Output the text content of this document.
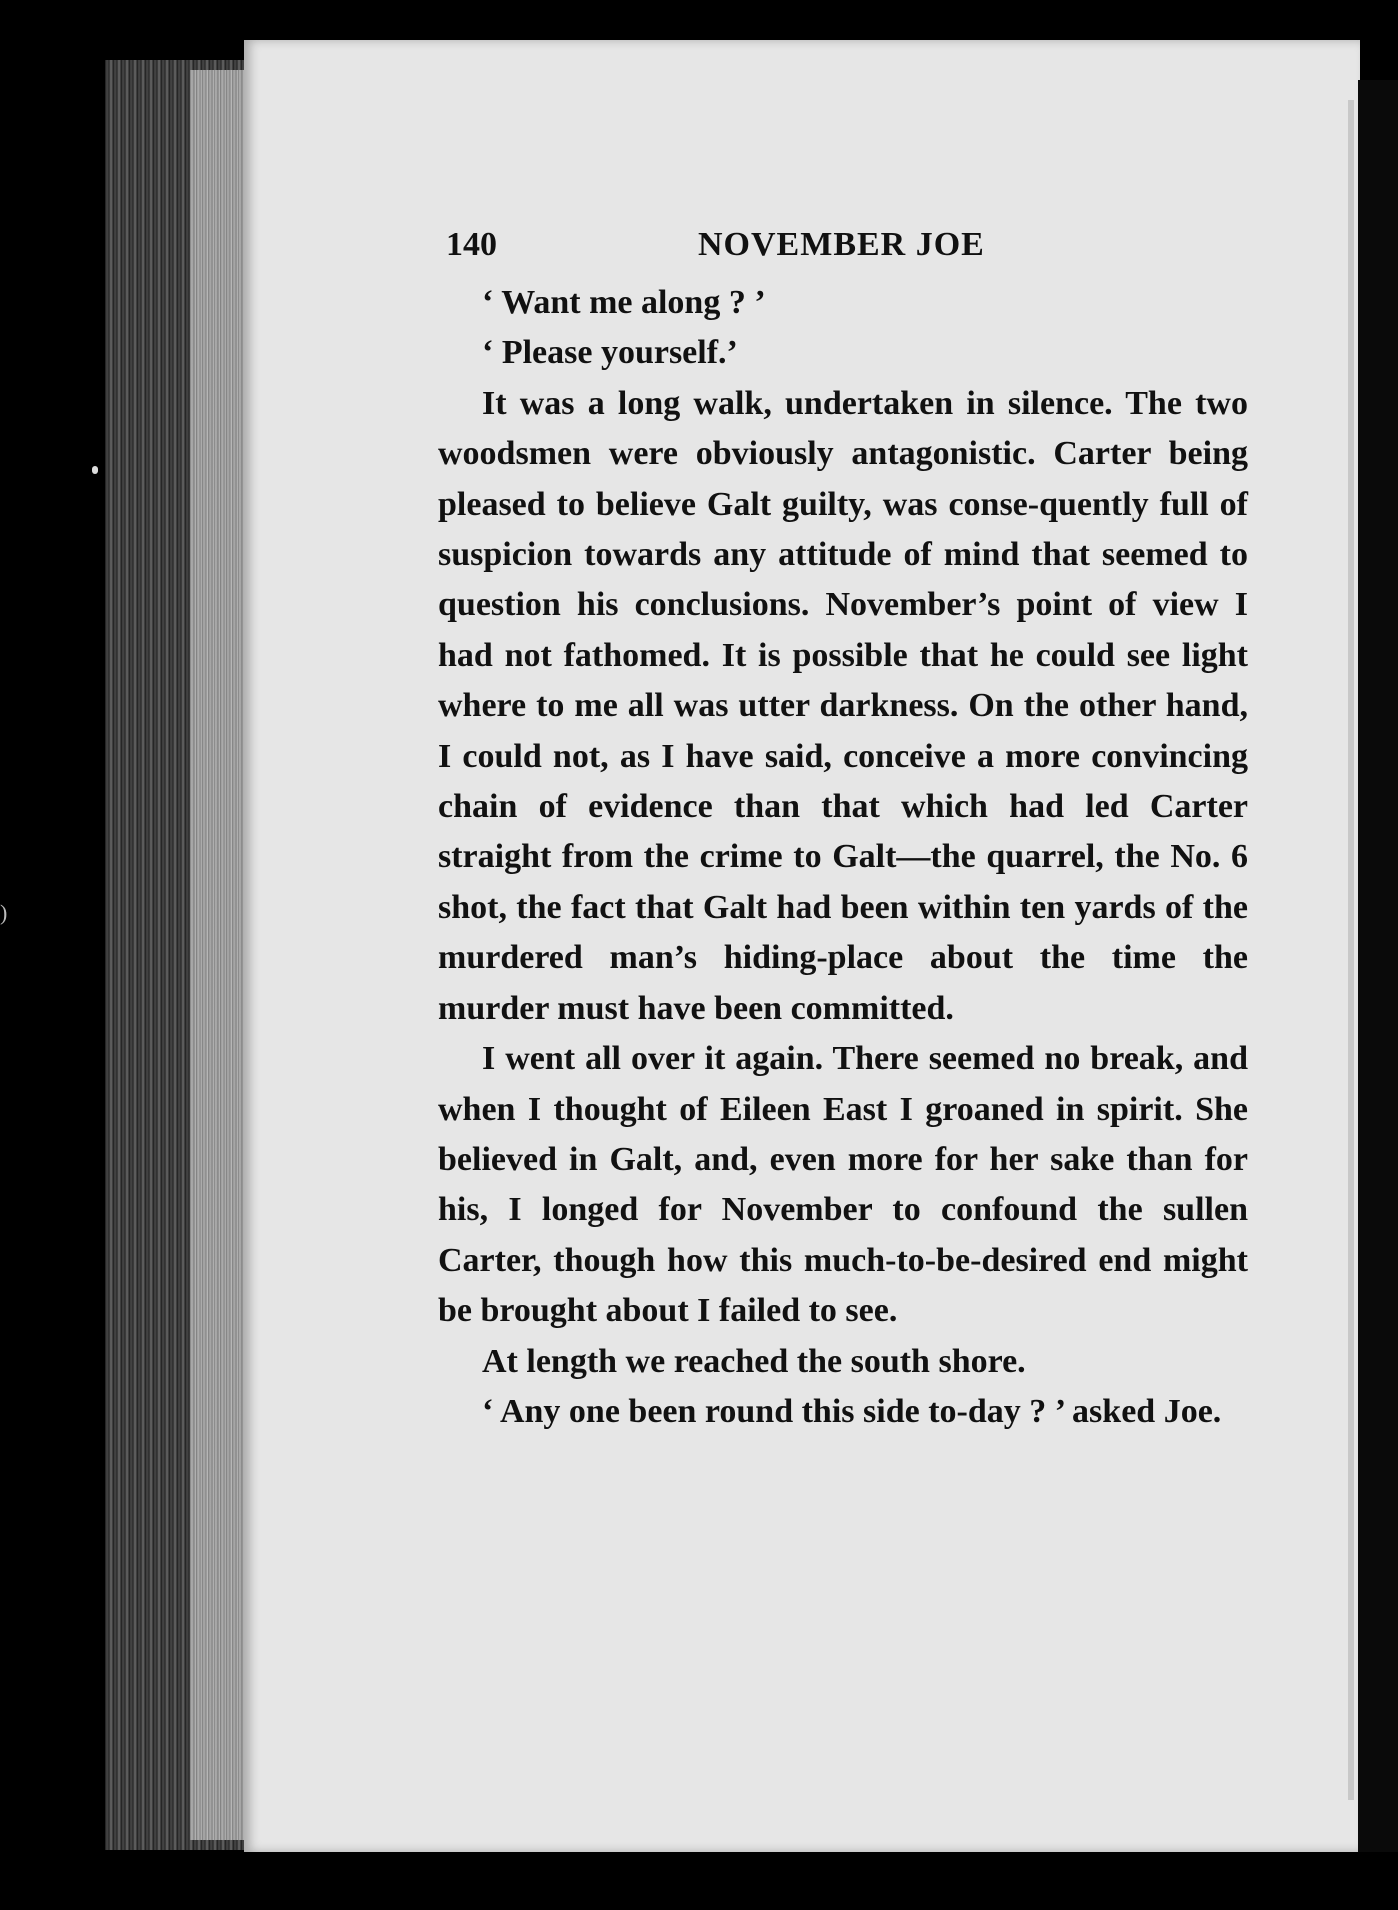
)
140	NOVEMBER JOE

‘ Want me along ? ’

‘ Please yourself.’

It was a long walk, undertaken in silence. The two woodsmen were obviously antagonistic. Carter being pleased to believe Galt guilty, was conse-quently full of suspicion towards any attitude of mind that seemed to question his conclusions. November’s point of view I had not fathomed. It is possible that he could see light where to me all was utter darkness. On the other hand, I could not, as I have said, conceive a more convincing chain of evidence than that which had led Carter straight from the crime to Galt—the quarrel, the No. 6 shot, the fact that Galt had been within ten yards of the murdered man’s hiding-place about the time the murder must have been committed.

I went all over it again. There seemed no break, and when I thought of Eileen East I groaned in spirit. She believed in Galt, and, even more for her sake than for his, I longed for November to confound the sullen Carter, though how this much-to-be-desired end might be brought about I failed to see.

At length we reached the south shore.

‘ Any one been round this side to-day ? ’ asked Joe.
